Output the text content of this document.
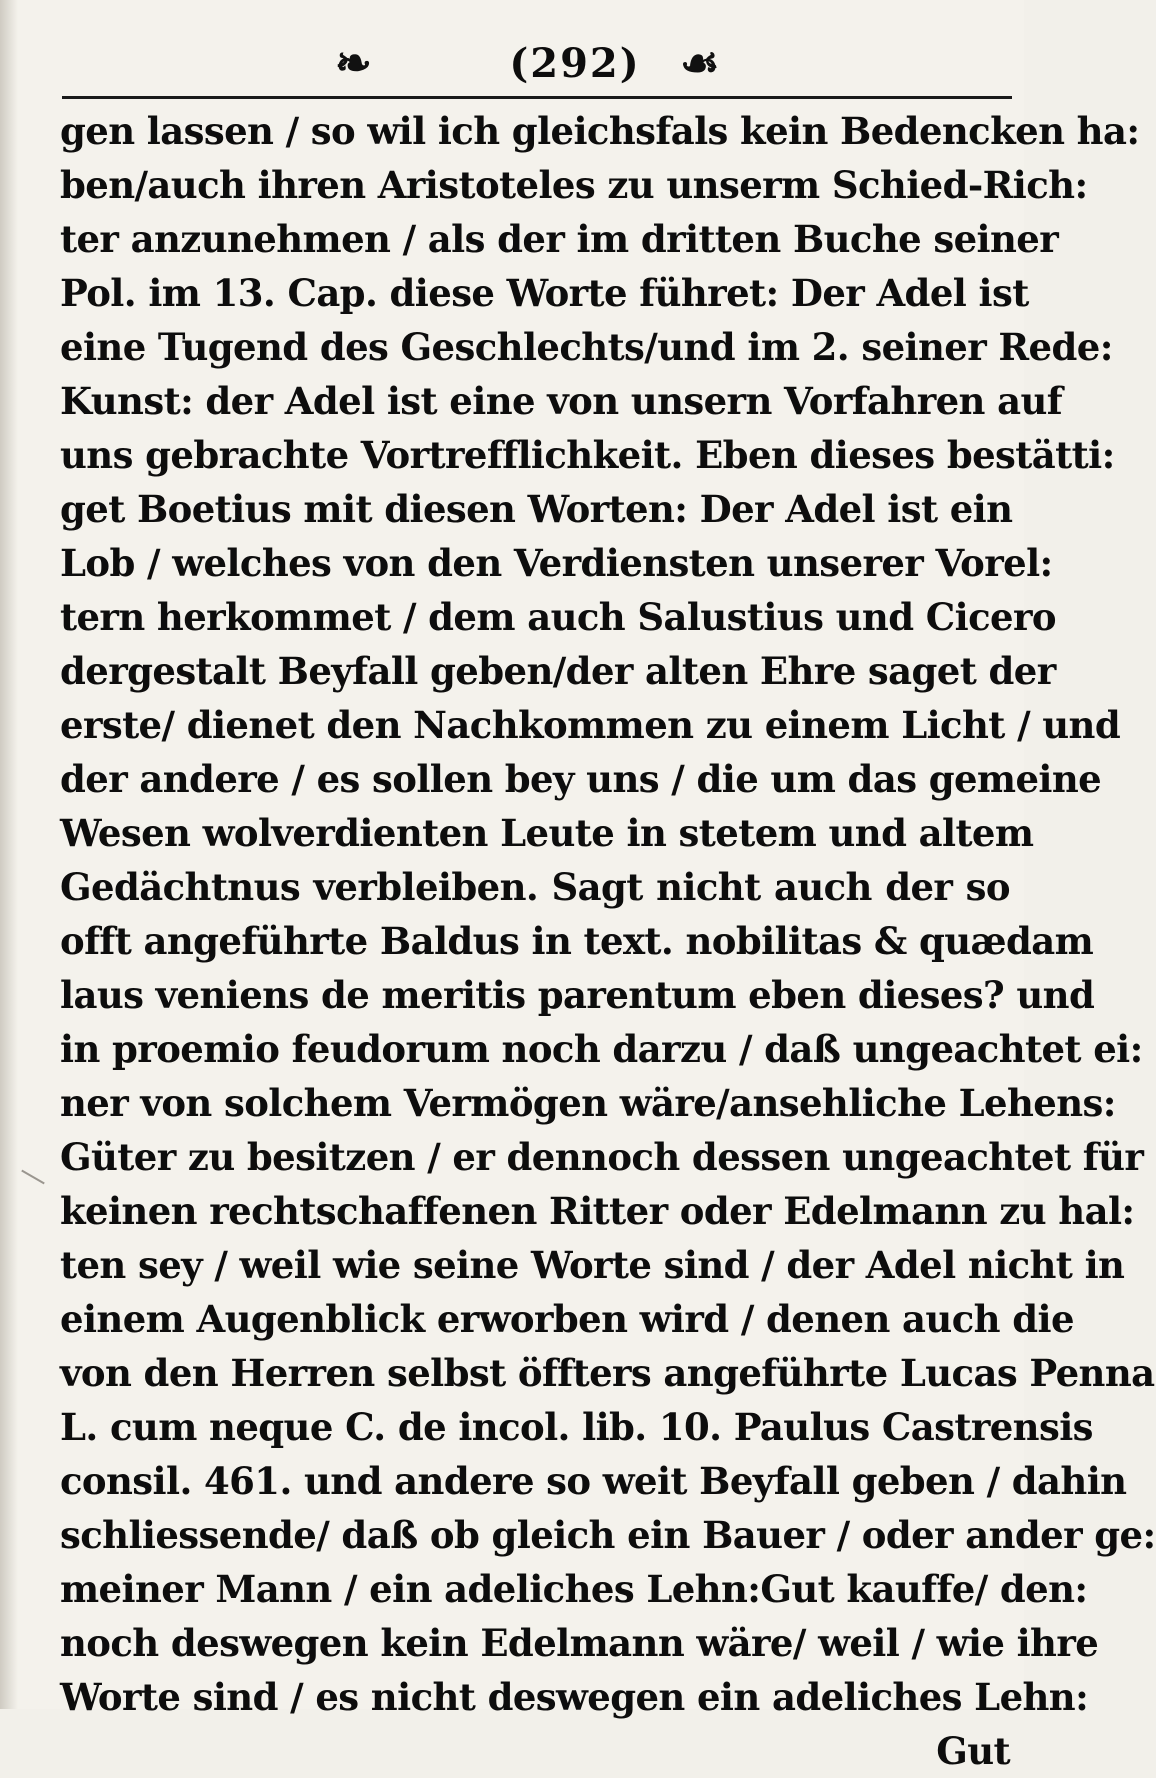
❧	(292) ☙
gen lassen / so wil ich gleichsfals kein Bedencken ha:
ben/auch ihren Aristoteles zu unserm Schied-Rich:
ter anzunehmen / als der im dritten Buche seiner
Pol. im 13. Cap. diese Worte führet: Der Adel ist
eine Tugend des Geschlechts/und im 2. seiner Rede:
Kunst: der Adel ist eine von unsern Vorfahren auf
uns gebrachte Vortrefflichkeit. Eben dieses bestätti:
get Boetius mit diesen Worten: Der Adel ist ein
Lob / welches von den Verdiensten unserer Vorel:
tern herkommet / dem auch Salustius und Cicero
dergestalt Beyfall geben/der alten Ehre saget der
erste/ dienet den Nachkommen zu einem Licht / und
der andere / es sollen bey uns / die um das gemeine
Wesen wolverdienten Leute in stetem und altem
Gedächtnus verbleiben. Sagt nicht auch der so
offt angeführte Baldus in text. nobilitas & quædam
laus veniens de meritis parentum eben dieses? und
in proemio feudorum noch darzu / daß ungeachtet ei:
ner von solchem Vermögen wäre/ansehliche Lehens:
Güter zu besitzen / er dennoch dessen ungeachtet für
keinen rechtschaffenen Ritter oder Edelmann zu hal:
ten sey / weil wie seine Worte sind / der Adel nicht in
einem Augenblick erworben wird / denen auch die
von den Herren selbst öffters angeführte Lucas Penna
L. cum neque C. de incol. lib. 10. Paulus Castrensis
consil. 461. und andere so weit Beyfall geben / dahin
schliessende/ daß ob gleich ein Bauer / oder ander ge:
meiner Mann / ein adeliches Lehn:Gut kauffe/ den:
noch deswegen kein Edelmann wäre/ weil / wie ihre
Worte sind / es nicht deswegen ein adeliches Lehn:
Gut
